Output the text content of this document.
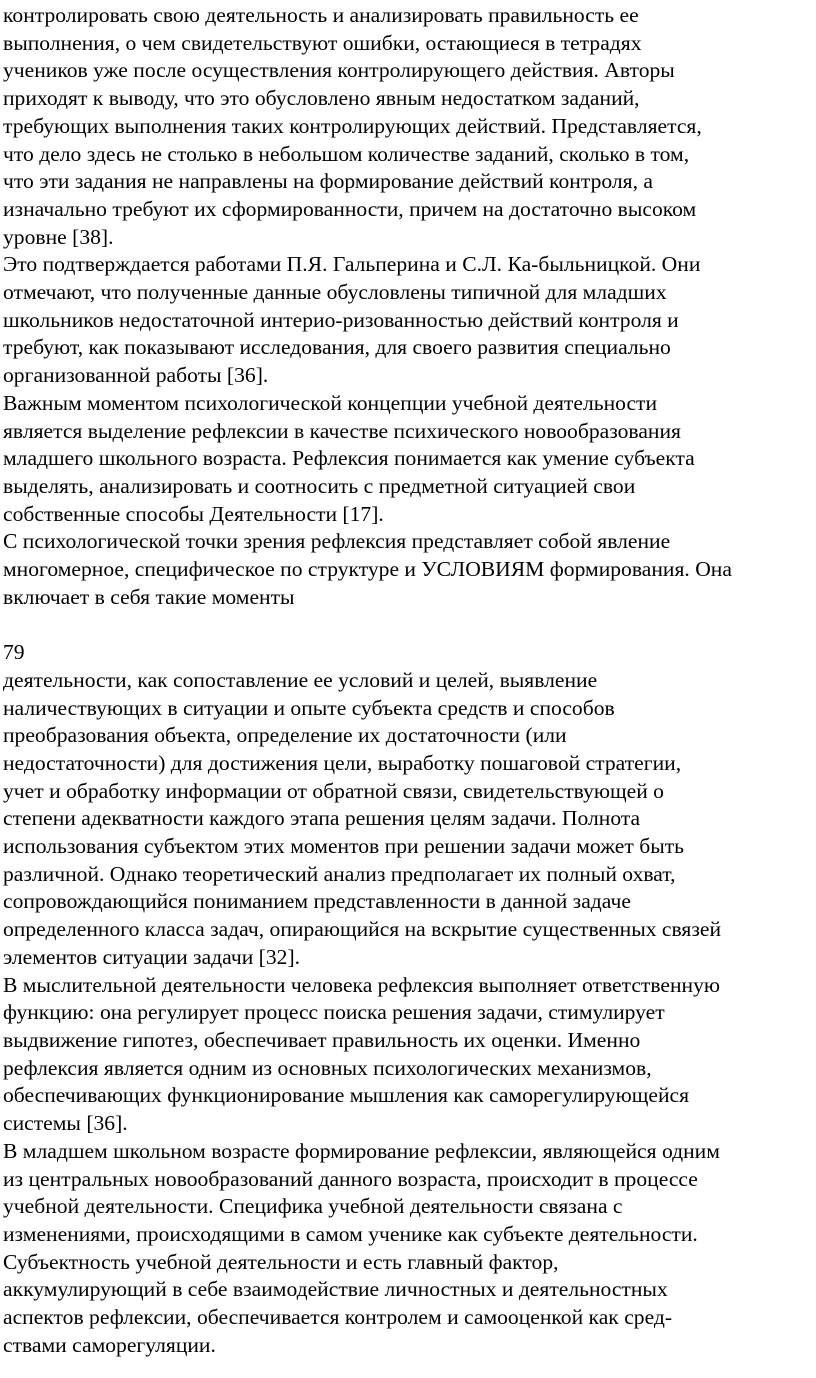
контролировать свою деятельность и анализировать правильность ее
выполнения, о чем свидетельствуют ошибки, остающиеся в тетрадях
учеников уже после осуществления контролирующего действия. Авторы
приходят к выводу, что это обусловлено явным недостатком заданий,
требующих выполнения таких контролирующих действий. Представляется,
что дело здесь не столько в небольшом количестве заданий, сколько в том,
что эти задания не направлены на формирование действий контроля, а
изначально требуют их сформированности, причем на достаточно высоком
уровне [38].
Это подтверждается работами П.Я. Гальперина и С.Л. Ка-быльницкой. Они
отмечают, что полученные данные обусловлены типичной для младших
школьников недостаточной интерио-ризованностью действий контроля и
требуют, как показывают исследования, для своего развития специально
организованной работы [36].
Важным моментом психологической концепции учебной деятельности
является выделение рефлексии в качестве психического новообразования
младшего школьного возраста. Рефлексия понимается как умение субъекта
выделять, анализировать и соотносить с предметной ситуацией свои
собственные способы Деятельности [17].
С психологической точки зрения рефлексия представляет собой явление
многомерное, специфическое по структуре и УСЛОВИЯМ формирования. Она
включает в себя такие моменты
79
деятельности, как сопоставление ее условий и целей, выявление
наличествующих в ситуации и опыте субъекта средств и способов
преобразования объекта, определение их достаточности (или
недостаточности) для достижения цели, выработку пошаговой стратегии,
учет и обработку информации от обратной связи, свидетельствующей о
степени адекватности каждого этапа решения целям задачи. Полнота
использования субъектом этих моментов при решении задачи может быть
различной. Однако теоретический анализ предполагает их полный охват,
сопровождающийся пониманием представленности в данной задаче
определенного класса задач, опирающийся на вскрытие существенных связей
элементов ситуации задачи [32].
В мыслительной деятельности человека рефлексия выполняет ответственную
функцию: она регулирует процесс поиска решения задачи, стимулирует
выдвижение гипотез, обеспечивает правильность их оценки. Именно
рефлексия является одним из основных психологических механизмов,
обеспечивающих функционирование мышления как саморегулирующейся
системы [36].
В младшем школьном возрасте формирование рефлексии, являющейся одним
из центральных новообразований данного возраста, происходит в процессе
учебной деятельности. Специфика учебной деятельности связана с
изменениями, происходящими в самом ученике как субъекте деятельности.
Субъектность учебной деятельности и есть главный фактор,
аккумулирующий в себе взаимодействие личностных и деятельностных
аспектов рефлексии, обеспечивается контролем и самооценкой как сред-
ствами саморегуляции.
